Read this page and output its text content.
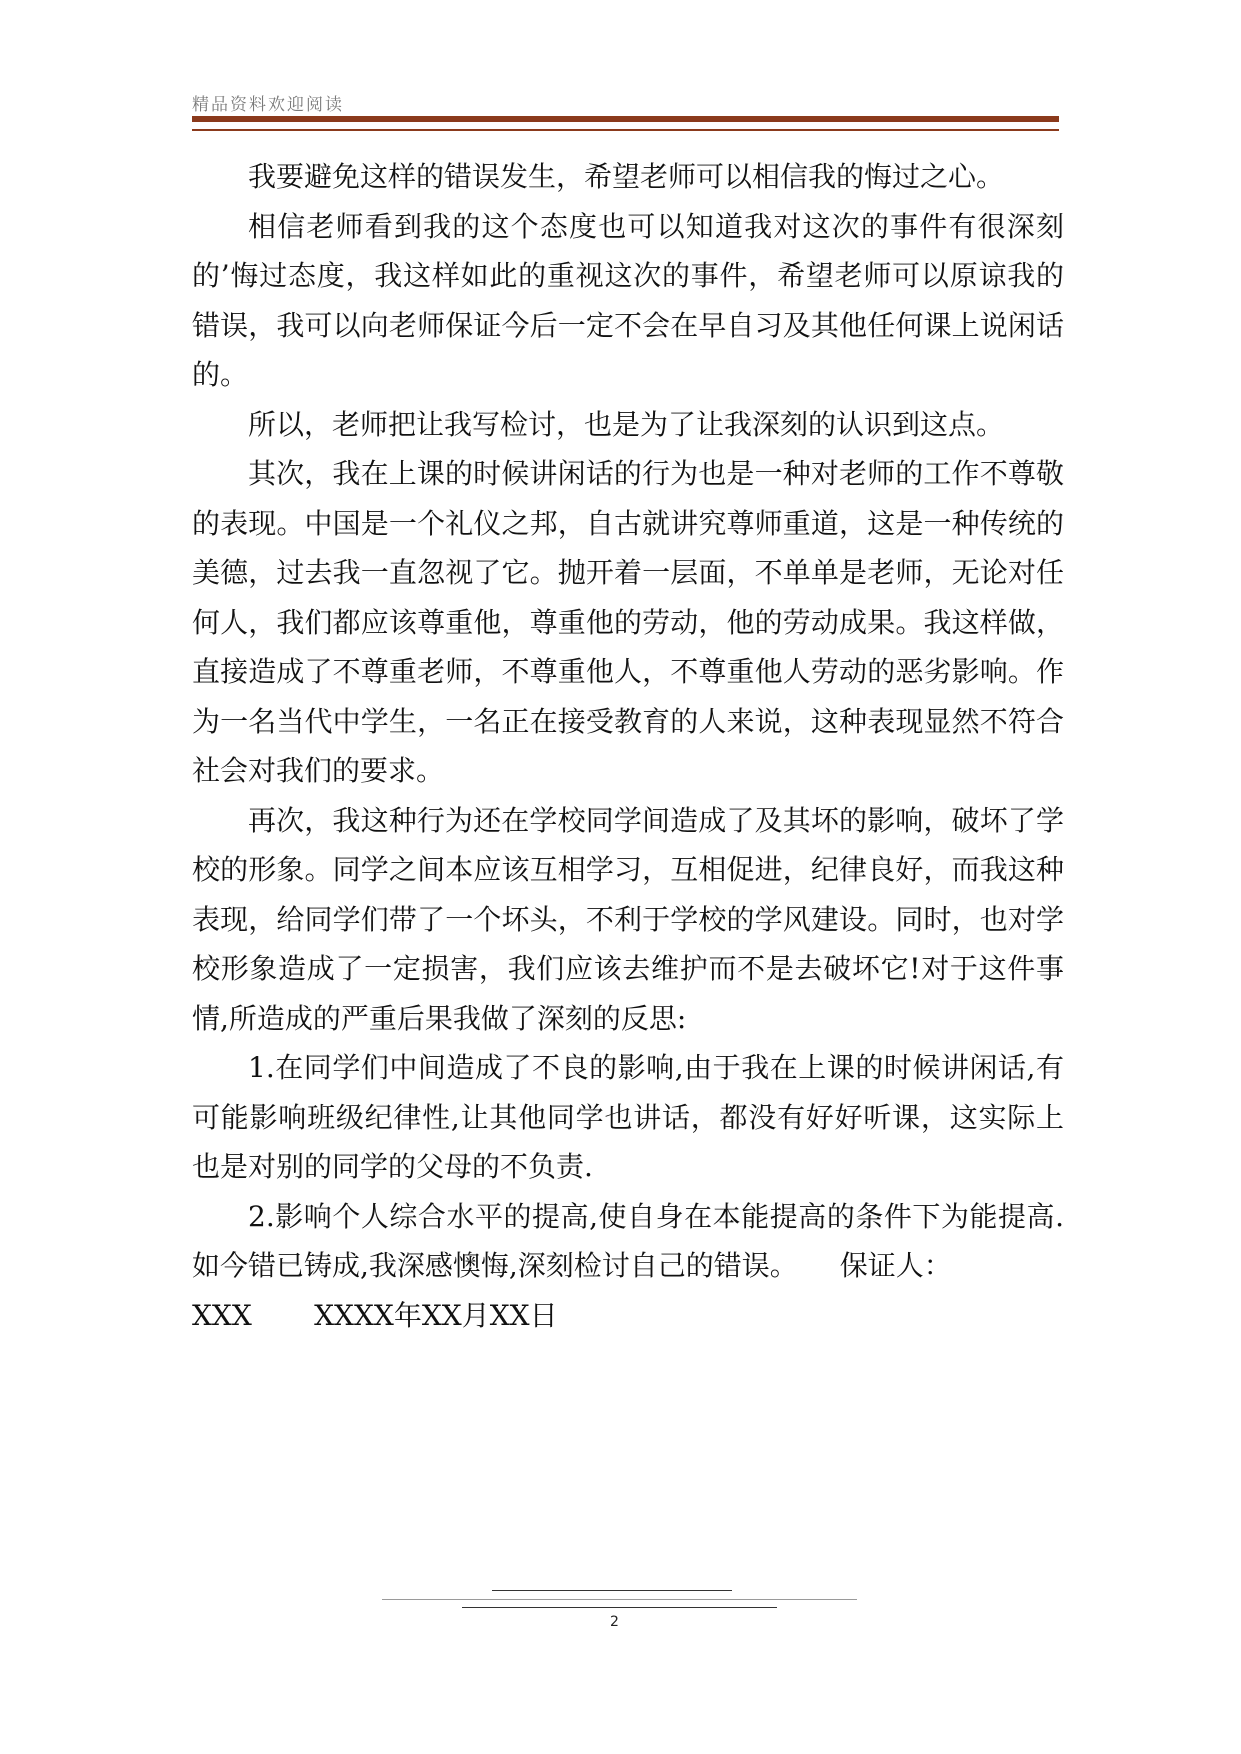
精品资料欢迎阅读

我要避免这样的错误发生，希望老师可以相信我的悔过之心。

相信老师看到我的这个态度也可以知道我对这次的事件有很深刻的’悔过态度，我这样如此的重视这次的事件，希望老师可以原谅我的错误，我可以向老师保证今后一定不会在早自习及其他任何课上说闲话的。

所以，老师把让我写检讨，也是为了让我深刻的认识到这点。

其次，我在上课的时候讲闲话的行为也是一种对老师的工作不尊敬的表现。中国是一个礼仪之邦，自古就讲究尊师重道，这是一种传统的美德，过去我一直忽视了它。抛开着一层面，不单单是老师，无论对任何人，我们都应该尊重他，尊重他的劳动，他的劳动成果。我这样做，直接造成了不尊重老师，不尊重他人，不尊重他人劳动的恶劣影响。作为一名当代中学生，一名正在接受教育的人来说，这种表现显然不符合社会对我们的要求。

再次，我这种行为还在学校同学间造成了及其坏的影响，破坏了学校的形象。同学之间本应该互相学习，互相促进，纪律良好，而我这种表现，给同学们带了一个坏头，不利于学校的学风建设。同时，也对学校形象造成了一定损害，我们应该去维护而不是去破坏它!对于这件事情,所造成的严重后果我做了深刻的反思:

1.在同学们中间造成了不良的影响,由于我在上课的时候讲闲话,有可能影响班级纪律性,让其他同学也讲话，都没有好好听课，这实际上也是对别的同学的父母的不负责.

2.影响个人综合水平的提高,使自身在本能提高的条件下为能提高.如今错已铸成,我深感懊悔,深刻检讨自己的错误。　　保证人：

XXX XXXX年XX月XX日

2
